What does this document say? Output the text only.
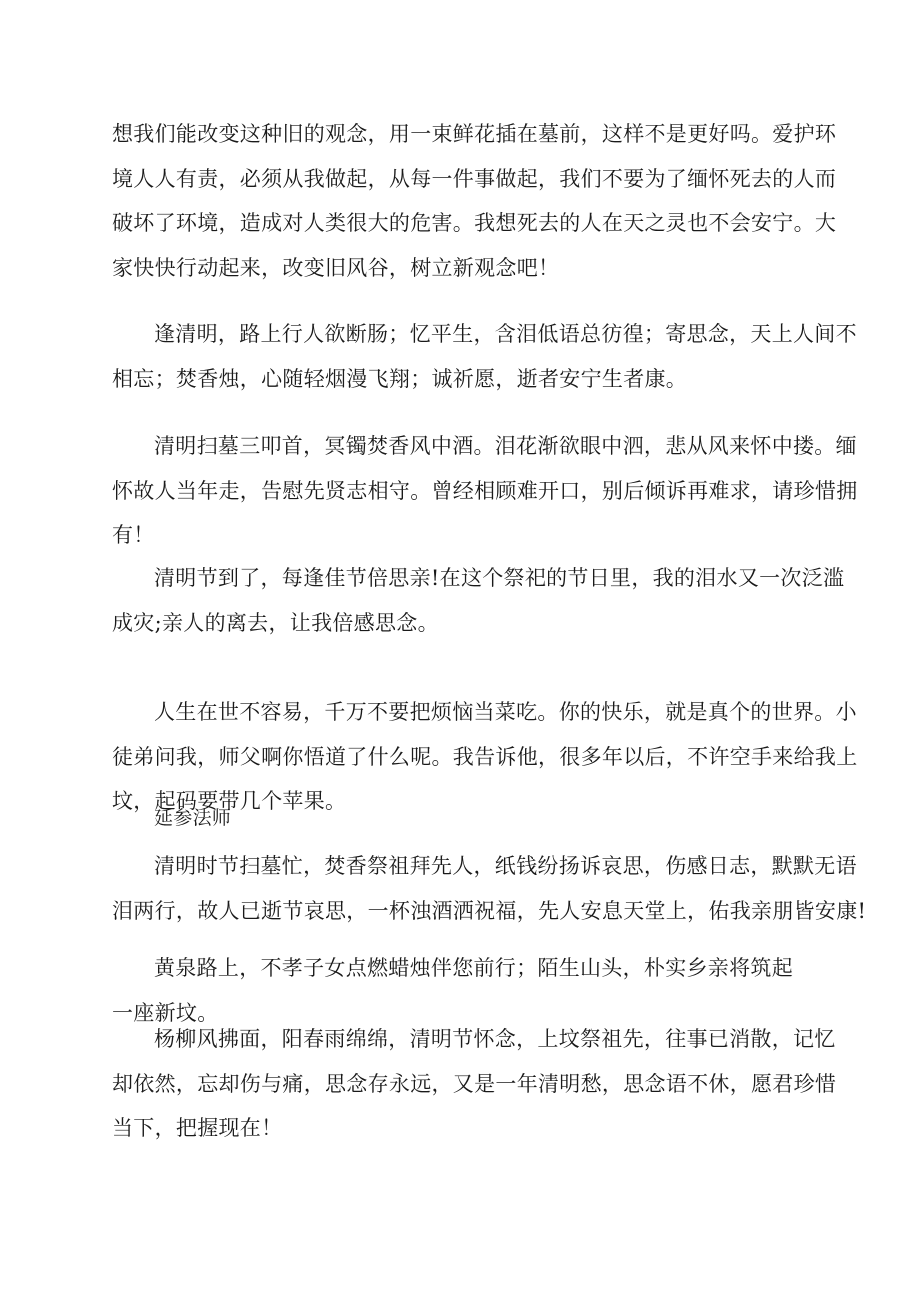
想我们能改变这种旧的观念，用一束鲜花插在墓前，这样不是更好吗。爱护环
境人人有责，必须从我做起，从每一件事做起，我们不要为了缅怀死去的人而
破坏了环境，造成对人类很大的危害。我想死去的人在天之灵也不会安宁。大
家快快行动起来，改变旧风谷，树立新观念吧！
逢清明，路上行人欲断肠；忆平生，含泪低语总彷徨；寄思念，天上人间不
相忘；焚香烛，心随轻烟漫飞翔；诚祈愿，逝者安宁生者康。
清明扫墓三叩首，冥镯焚香风中酒。泪花渐欲眼中泗，悲从风来怀中搂。缅
怀故人当年走，告慰先贤志相守。曾经相顾难开口，别后倾诉再难求，请珍惜拥
有！
清明节到了，每逢佳节倍思亲!在这个祭祀的节日里，我的泪水又一次泛滥
成灾;亲人的离去，让我倍感思念。
人生在世不容易，千万不要把烦恼当菜吃。你的快乐，就是真个的世界。小
徒弟问我，师父啊你悟道了什么呢。我告诉他，很多年以后，不许空手来给我上
坟，起码要带几个苹果。
延参法师
清明时节扫墓忙，焚香祭祖拜先人，纸钱纷扬诉哀思，伤感日志，默默无语
泪两行，故人已逝节哀思，一杯浊酒洒祝福，先人安息天堂上，佑我亲朋皆安康!
黄泉路上，不孝子女点燃蜡烛伴您前行；陌生山头，朴实乡亲将筑起
一座新坟。
杨柳风拂面，阳春雨绵绵，清明节怀念，上坟祭祖先，往事已消散，记忆
却依然，忘却伤与痛，思念存永远，又是一年清明愁，思念语不休，愿君珍惜
当下，把握现在！
